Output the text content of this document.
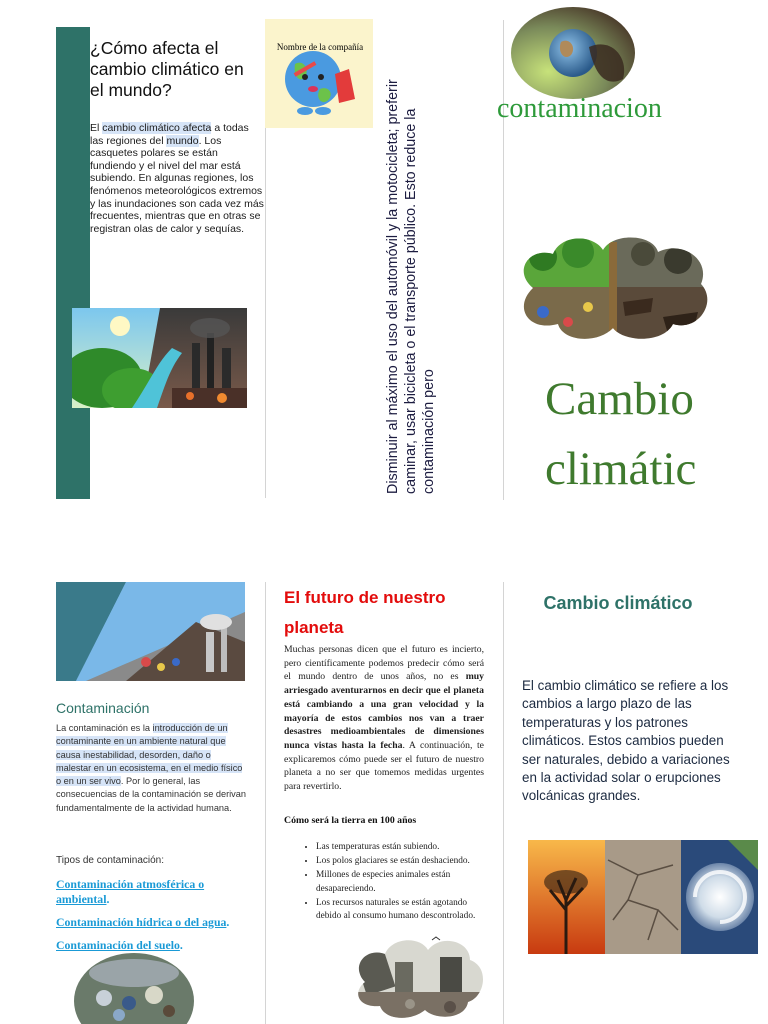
¿Cómo afecta el cambio climático en el mundo?

El cambio climático afecta a todas las regiones del mundo. Los casquetes polares se están fundiendo y el nivel del mar está subiendo. En algunas regiones, los fenómenos meteorológicos extremos y las inundaciones son cada vez más frecuentes, mientras que en otras se registran olas de calor y sequías.

Nombre de la compañía
Disminuir al máximo el uso del automóvil y la motocicleta; preferir caminar, usar bicicleta o el transporte público. Esto reduce la contaminación pero
contaminacion
Cambio climátic
Contaminación

La contaminación es la introducción de un contaminante en un ambiente natural que causa inestabilidad, desorden, daño o malestar en un ecosistema, en el medio físico o en un ser vivo. Por lo general, las consecuencias de la contaminación se derivan fundamentalmente de la actividad humana.

Tipos de contaminación:
Contaminación atmosférica o ambiental.
Contaminación hídrica o del agua.
Contaminación del suelo.
El futuro de nuestro planeta

Muchas personas dicen que el futuro es incierto, pero científicamente podemos predecir cómo será el mundo dentro de unos años, no es muy arriesgado aventurarnos en decir que el planeta está cambiando a una gran velocidad y la mayoría de estos cambios nos van a traer desastres medioambientales de dimensiones nunca vistas hasta la fecha. A continuación, te explicaremos cómo puede ser el futuro de nuestro planeta a no ser que tomemos medidas urgentes para revertirlo.

Cómo será la tierra en 100 años
• Las temperaturas están subiendo.
• Los polos glaciares se están deshaciendo.
• Millones de especies animales están desapareciendo.
• Los recursos naturales se están agotando debido al consumo humano descontrolado.
Cambio climático

El cambio climático se refiere a los cambios a largo plazo de las temperaturas y los patrones climáticos. Estos cambios pueden ser naturales, debido a variaciones en la actividad solar o erupciones volcánicas grandes.
